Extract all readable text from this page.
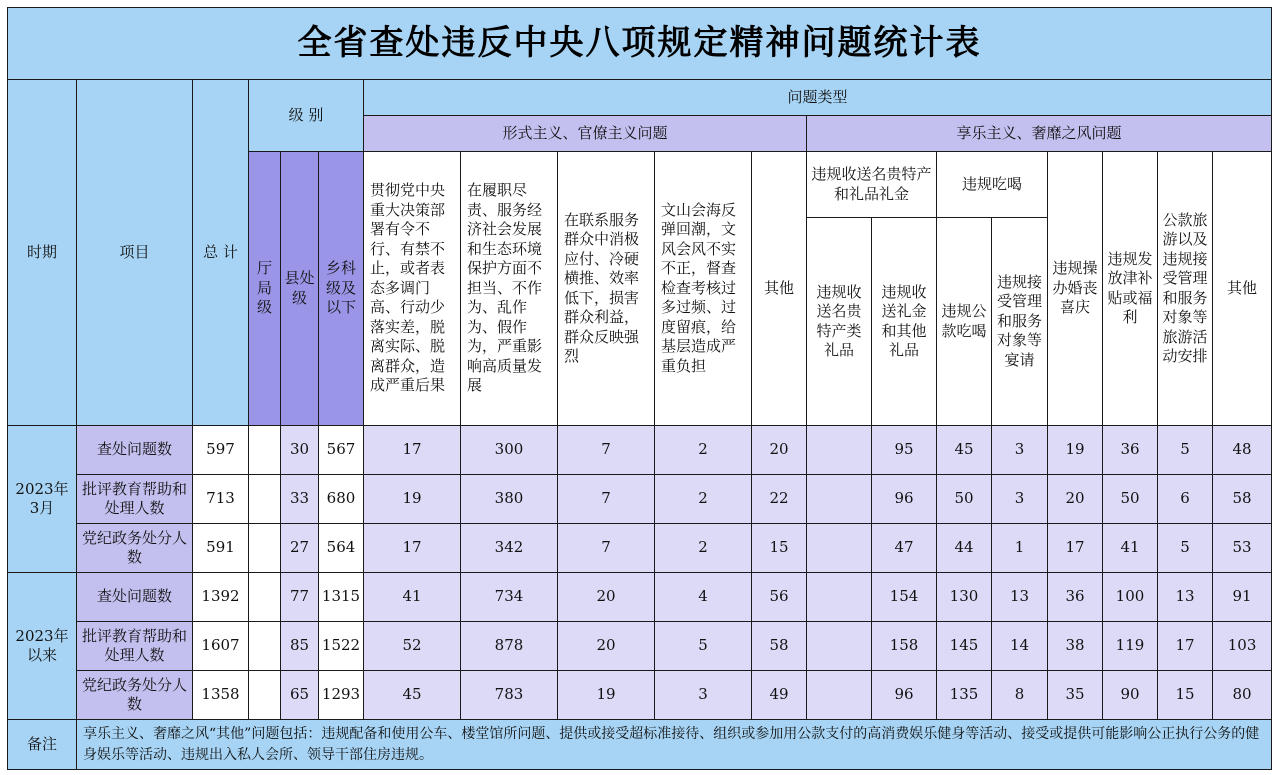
全省查处违反中央八项规定精神问题统计表																		
时期	项目	总 计	级 别			问题类型												
						形式主义、官僚主义问题					享乐主义、奢靡之风问题							
			厅局级	县处级	乡科级及以下	贯彻党中央重大决策部署有令不行、有禁不止，或者表态多调门高、行动少落实差，脱离实际、脱离群众，造成严重后果	在履职尽责、服务经济社会发展和生态环境保护方面不担当、不作为、乱作为、假作为，严重影响高质量发展	在联系服务群众中消极应付、冷硬横推、效率低下，损害群众利益，群众反映强烈	文山会海反弹回潮，文风会风不实不正，督查检查考核过多过频、过度留痕，给基层造成严重负担	其他	违规收送名贵特产和礼品礼金		违规吃喝		违规操办婚丧喜庆	违规发放津补贴或福利	公款旅游以及违规接受管理和服务对象等旅游活动安排	其他
											违规收送名贵特产类礼品	违规收送礼金和其他礼品	违规公款吃喝	违规接受管理和服务对象等宴请				
2023年3月	查处问题数	597		30	567	17	300	7	2	20		95	45	3	19	36	5	48
	批评教育帮助和处理人数	713		33	680	19	380	7	2	22		96	50	3	20	50	6	58
	党纪政务处分人数	591		27	564	17	342	7	2	15		47	44	1	17	41	5	53
2023年以来	查处问题数	1392		77	1315	41	734	20	4	56		154	130	13	36	100	13	91
	批评教育帮助和处理人数	1607		85	1522	52	878	20	5	58		158	145	14	38	119	17	103
	党纪政务处分人数	1358		65	1293	45	783	19	3	49		96	135	8	35	90	15	80
备注	享乐主义、奢靡之风“其他”问题包括：违规配备和使用公车、楼堂馆所问题、提供或接受超标准接待、组织或参加用公款支付的高消费娱乐健身等活动、接受或提供可能影响公正执行公务的健身娱乐等活动、违规出入私人会所、领导干部住房违规。																	
